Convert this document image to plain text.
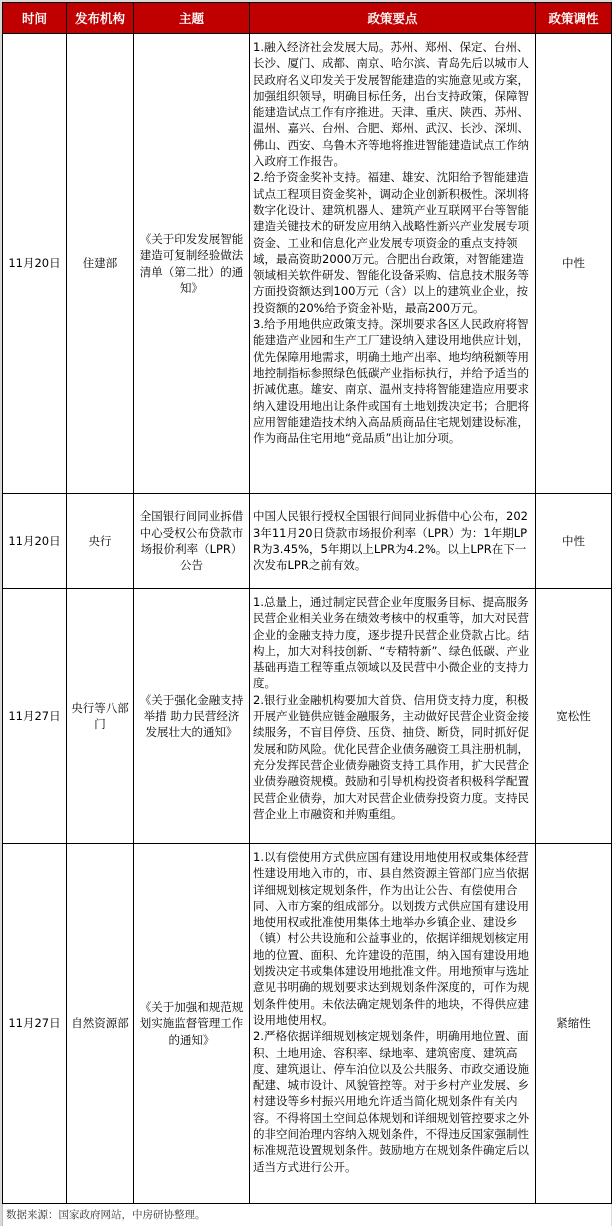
时间	发布机构	主题	政策要点	政策调性
11月20日	住建部	《关于印发发展智能建造可复制经验做法清单（第二批）的通知》	1.融入经济社会发展大局。苏州、郑州、保定、台州、长沙、厦门、成都、南京、哈尔滨、青岛先后以城市人民政府名义印发关于发展智能建造的实施意见或方案，加强组织领导，明确目标任务，出台支持政策，保障智能建造试点工作有序推进。天津、重庆、陕西、苏州、温州、嘉兴、台州、合肥、郑州、武汉、长沙、深圳、佛山、西安、乌鲁木齐等地将推进智能建造试点工作纳入政府工作报告。
2.给予资金奖补支持。福建、雄安、沈阳给予智能建造试点工程项目资金奖补，调动企业创新积极性。深圳将数字化设计、建筑机器人、建筑产业互联网平台等智能建造关键技术的研发应用纳入战略性新兴产业发展专项资金、工业和信息化产业发展专项资金的重点支持领域，最高资助2000万元。合肥出台政策，对智能建造领域相关软件研发、智能化设备采购、信息技术服务等方面投资额达到100万元（含）以上的建筑业企业，按投资额的20%给予资金补贴，最高200万元。
3.给予用地供应政策支持。深圳要求各区人民政府将智能建造产业园和生产工厂建设纳入建设用地供应计划，优先保障用地需求，明确土地产出率、地均纳税额等用地控制指标参照绿色低碳产业指标执行，并给予适当的折减优惠。雄安、南京、温州支持将智能建造应用要求纳入建设用地出让条件或国有土地划拨决定书；合肥将应用智能建造技术纳入高品质商品住宅规划建设标准，作为商品住宅用地“竞品质”出让加分项。	中性
11月20日	央行	全国银行间同业拆借中心受权公布贷款市场报价利率（LPR）公告	中国人民银行授权全国银行间同业拆借中心公布，2023年11月20日贷款市场报价利率（LPR）为：1年期LPR为3.45%，5年期以上LPR为4.2%。以上LPR在下一次发布LPR之前有效。	中性
11月27日	央行等八部门	《关于强化金融支持举措 助力民营经济发展壮大的通知》	1.总量上，通过制定民营企业年度服务目标、提高服务民营企业相关业务在绩效考核中的权重等，加大对民营企业的金融支持力度，逐步提升民营企业贷款占比。结构上，加大对科技创新、“专精特新”、绿色低碳、产业基础再造工程等重点领域以及民营中小微企业的支持力度。
2.银行业金融机构要加大首贷、信用贷支持力度，积极开展产业链供应链金融服务，主动做好民营企业资金接续服务，不盲目停贷、压贷、抽贷、断贷，同时抓好促发展和防风险。优化民营企业债务融资工具注册机制，充分发挥民营企业债券融资支持工具作用，扩大民营企业债券融资规模。鼓励和引导机构投资者积极科学配置民营企业债券，加大对民营企业债券投资力度。支持民营企业上市融资和并购重组。	宽松性
11月27日	自然资源部	《关于加强和规范规划实施监督管理工作的通知》	1.以有偿使用方式供应国有建设用地使用权或集体经营性建设用地入市的，市、县自然资源主管部门应当依据详细规划核定规划条件，作为出让公告、有偿使用合同、入市方案的组成部分。以划拨方式供应国有建设用地使用权或批准使用集体土地举办乡镇企业、建设乡（镇）村公共设施和公益事业的，依据详细规划核定用地的位置、面积、允许建设的范围，纳入国有建设用地划拨决定书或集体建设用地批准文件。用地预审与选址意见书明确的规划要求达到规划条件深度的，可作为规划条件使用。未依法确定规划条件的地块，不得供应建设用地使用权。
2.严格依据详细规划核定规划条件，明确用地位置、面积、土地用途、容积率、绿地率、建筑密度、建筑高度、建筑退让、停车泊位以及公共服务、市政交通设施配建、城市设计、风貌管控等。对于乡村产业发展、乡村建设等乡村振兴用地允许适当简化规划条件有关内容。不得将国土空间总体规划和详细规划管控要求之外的非空间治理内容纳入规划条件，不得违反国家强制性标准规范设置规划条件。鼓励地方在规划条件确定后以适当方式进行公开。	紧缩性
数据来源：国家政府网站，中房研协整理。
